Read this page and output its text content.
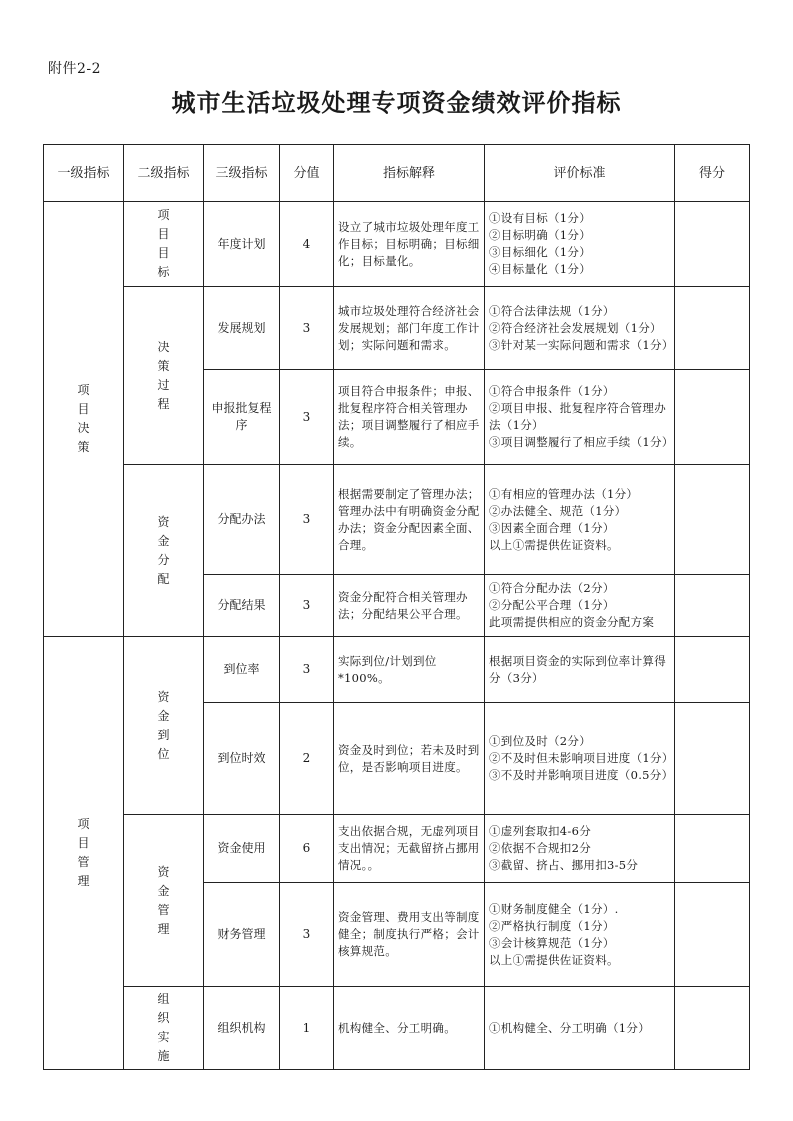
附件2-2
城市生活垃圾处理专项资金绩效评价指标
一级指标	二级指标	三级指标	分值	指标解释	评价标准	得分
项目决策	项目目标	年度计划	4	设立了城市垃圾处理年度工作目标；目标明确；目标细化；目标量化。	①设有目标（1分）
②目标明确（1分）
③目标细化（1分）
④目标量化（1分）	

	决策过程	发展规划	3	城市垃圾处理符合经济社会发展规划；部门年度工作计划；实际问题和需求。	①符合法律法规（1分）
②符合经济社会发展规划（1分）
③针对某一实际问题和需求（1分）	

		申报批复程序	3	项目符合申报条件；申报、批复程序符合相关管理办法；项目调整履行了相应手续。	①符合申报条件（1分）
②项目申报、批复程序符合管理办法（1分）
③项目调整履行了相应手续（1分）	

	资金分配	分配办法	3	根据需要制定了管理办法；管理办法中有明确资金分配办法；资金分配因素全面、合理。	①有相应的管理办法（1分）
②办法健全、规范（1分）
③因素全面合理（1分）
以上①需提供佐证资料。	

		分配结果	3	资金分配符合相关管理办法；分配结果公平合理。	①符合分配办法（2分）
②分配公平合理（1分）
此项需提供相应的资金分配方案	

项目管理	资金到位	到位率	3	实际到位/计划到位*100%。	根据项目资金的实际到位率计算得分（3分）	

		到位时效	2	资金及时到位；若未及时到位，是否影响项目进度。	①到位及时（2分）
②不及时但未影响项目进度（1分）
③不及时并影响项目进度（0.5分）	

	资金管理	资金使用	6	支出依据合规，无虚列项目支出情况；无截留挤占挪用情况。。	①虚列套取扣4-6分
②依据不合规扣2分
③截留、挤占、挪用扣3-5分	

		财务管理	3	资金管理、费用支出等制度健全；制度执行严格；会计核算规范。	①财务制度健全（1分）.
②严格执行制度（1分）
③会计核算规范（1分）
以上①需提供佐证资料。	

	组织实施	组织机构	1	机构健全、分工明确。	①机构健全、分工明确（1分）	
